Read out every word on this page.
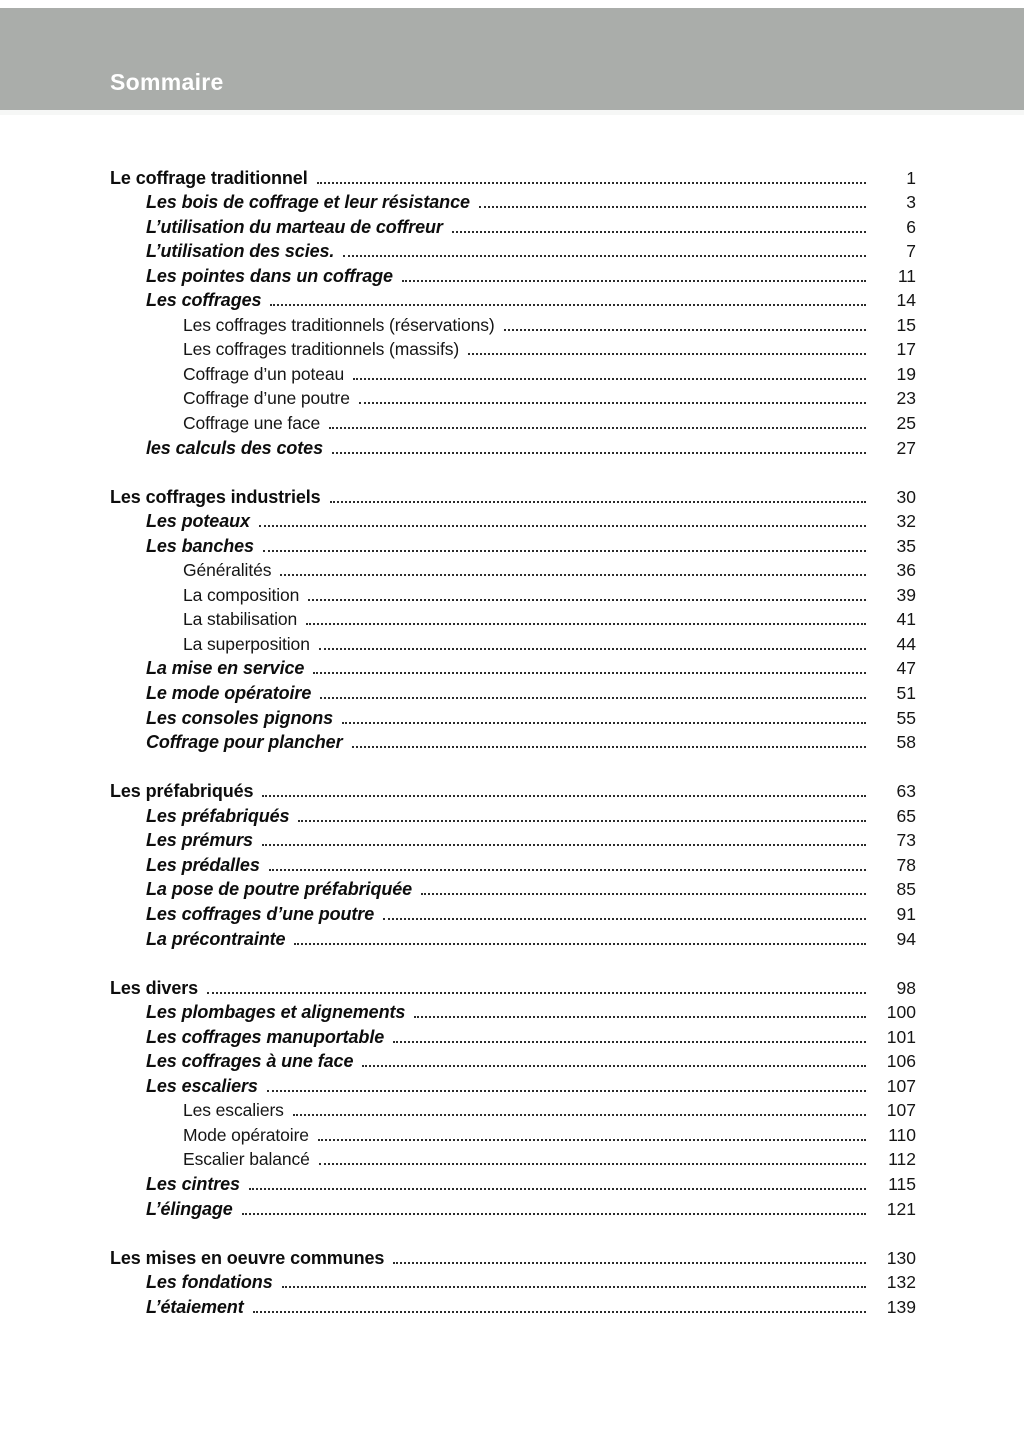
Sommaire
Le coffrage traditionnel	1
Les bois de coffrage et leur résistance	3
L’utilisation du marteau de coffreur	6
L’utilisation des scies.	7
Les pointes dans un coffrage	11
Les coffrages	14
Les coffrages traditionnels (réservations)	15
Les coffrages traditionnels (massifs)	17
Coffrage d’un poteau	19
Coffrage d’une poutre	23
Coffrage une face	25
les calculs des cotes	27
Les coffrages industriels	30
Les poteaux	32
Les banches	35
Généralités	36
La composition	39
La stabilisation	41
La superposition	44
La mise en service	47
Le mode opératoire	51
Les consoles pignons	55
Coffrage pour plancher	58
Les préfabriqués	63
Les préfabriqués	65
Les prémurs	73
Les prédalles	78
La pose de poutre préfabriquée	85
Les coffrages d’une poutre	91
La précontrainte	94
Les divers	98
Les plombages et alignements	100
Les coffrages manuportable	101
Les coffrages à une face	106
Les escaliers	107
Les escaliers	107
Mode opératoire	110
Escalier balancé	112
Les cintres	115
L’élingage	121
Les mises en oeuvre communes	130
Les fondations	132
L’étaiement	139
